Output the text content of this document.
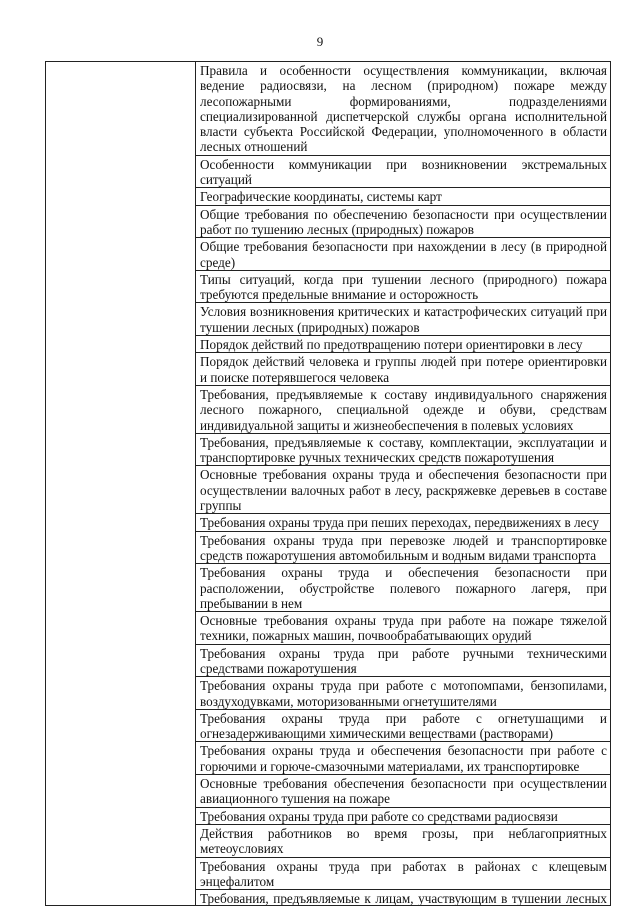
9

Правила и особенности осуществления коммуникации, включая ведение радиосвязи, на лесном (природном) пожаре между лесопожарными формированиями, подразделениями специализированной диспетчерской службы органа исполнительной власти субъекта Российской Федерации, уполномоченного в области лесных отношений

Особенности коммуникации при возникновении экстремальных ситуаций

Географические координаты, системы карт

Общие требования по обеспечению безопасности при осуществлении работ по тушению лесных (природных) пожаров

Общие требования безопасности при нахождении в лесу (в природной среде)

Типы ситуаций, когда при тушении лесного (природного) пожара требуются предельные внимание и осторожность

Условия возникновения критических и катастрофических ситуаций при тушении лесных (природных) пожаров

Порядок действий по предотвращению потери ориентировки в лесу

Порядок действий человека и группы людей при потере ориентировки и поиске потерявшегося человека

Требования, предъявляемые к составу индивидуального снаряжения лесного пожарного, специальной одежде и обуви, средствам индивидуальной защиты и жизнеобеспечения в полевых условиях

Требования, предъявляемые к составу, комплектации, эксплуатации и транспортировке ручных технических средств пожаротушения

Основные требования охраны труда и обеспечения безопасности при осуществлении валочных работ в лесу, раскряжевке деревьев в составе группы

Требования охраны труда при пеших переходах, передвижениях в лесу

Требования охраны труда при перевозке людей и транспортировке средств пожаротушения автомобильным и водным видами транспорта

Требования охраны труда и обеспечения безопасности при расположении, обустройстве полевого пожарного лагеря, при пребывании в нем

Основные требования охраны труда при работе на пожаре тяжелой техники, пожарных машин, почвообрабатывающих орудий

Требования охраны труда при работе ручными техническими средствами пожаротушения

Требования охраны труда при работе с мотопомпами, бензопилами, воздуходувками, моторизованными огнетушителями

Требования охраны труда при работе с огнетушащими и огнезадерживающими химическими веществами (растворами)

Требования охраны труда и обеспечения безопасности при работе с горючими и горюче-смазочными материалами, их транспортировке

Основные требования обеспечения безопасности при осуществлении авиационного тушения на пожаре

Требования охраны труда при работе со средствами радиосвязи

Действия работников во время грозы, при неблагоприятных метеоусловиях

Требования охраны труда при работах в районах с клещевым энцефалитом

Требования, предъявляемые к лицам, участвующим в тушении лесных
